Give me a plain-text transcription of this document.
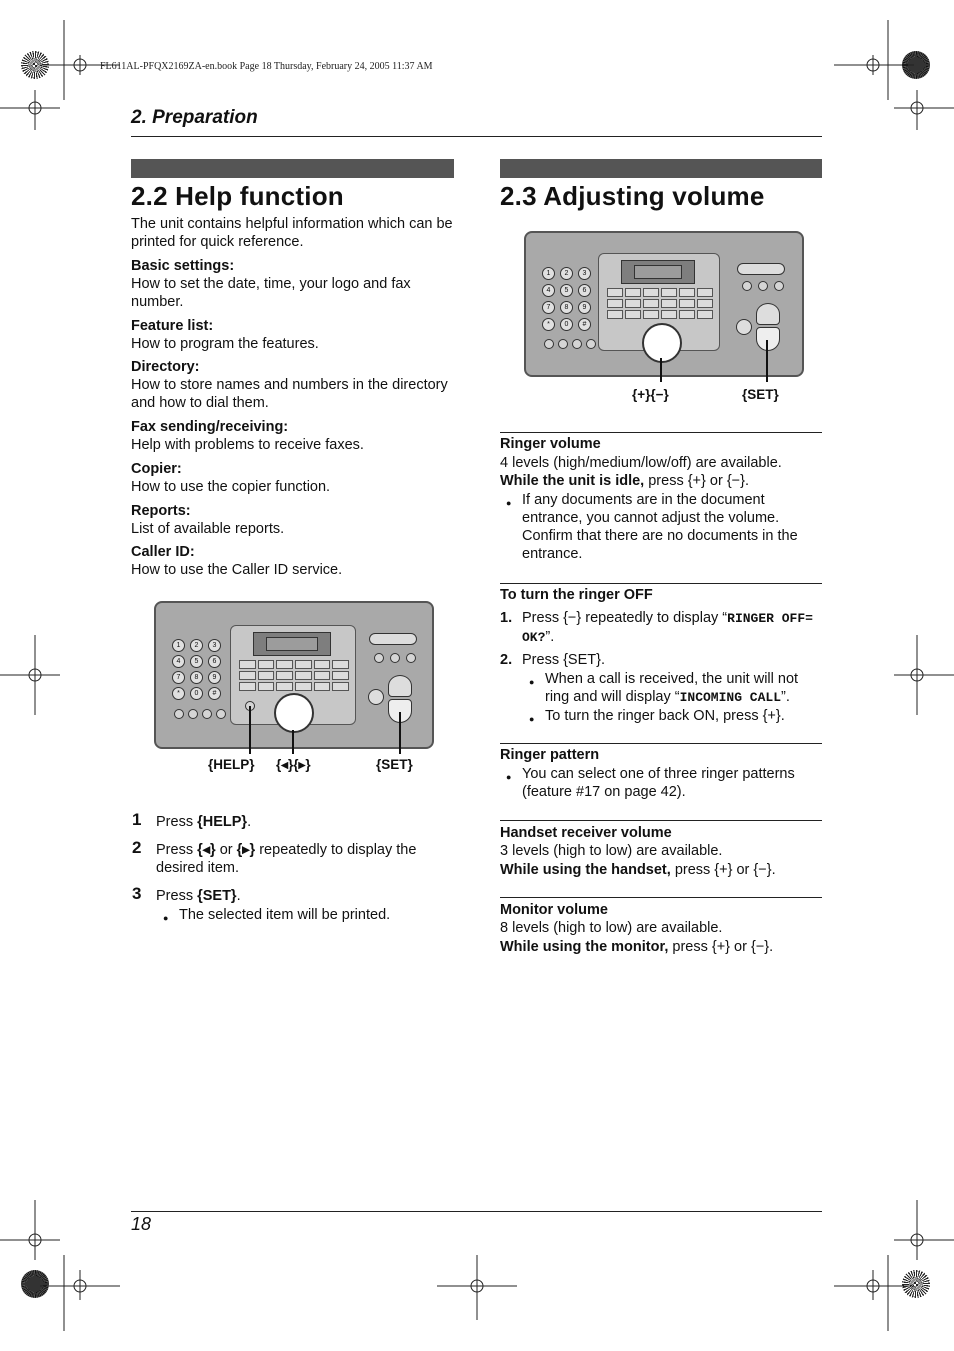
FL611AL-PFQX2169ZA-en.book Page 18 Thursday, February 24, 2005 11:37 AM
2. Preparation
2.2 Help function
The unit contains helpful information which can be printed for quick reference.
Basic settings:
How to set the date, time, your logo and fax number.
Feature list:
How to program the features.
Directory:
How to store names and numbers in the directory and how to dial them.
Fax sending/receiving:
Help with problems to receive faxes.
Copier:
How to use the copier function.
Reports:
List of available reports.
Caller ID:
How to use the Caller ID service.
1	2	3
4	5	6
7	8	9
*	0	#
{HELP} {◂}{▸}	{SET}
1 Press {HELP}.
2 Press {◂} or {▸} repeatedly to display the desired item.
3 Press {SET}.
● The selected item will be printed.
2.3 Adjusting volume
1	2	3
4	5	6
7	8	9
*	0	#
{+}{−}	{SET}
Ringer volume
4 levels (high/medium/low/off) are available.
While the unit is idle, press {+} or {−}.
● If any documents are in the document entrance, you cannot adjust the volume. Confirm that there are no documents in the entrance.
To turn the ringer OFF
1. Press {−} repeatedly to display “RINGER OFF= OK?”.
2. Press {SET}.
● When a call is received, the unit will not ring and will display “INCOMING CALL”.
● To turn the ringer back ON, press {+}.
Ringer pattern
● You can select one of three ringer patterns (feature #17 on page 42).
Handset receiver volume
3 levels (high to low) are available.
While using the handset, press {+} or {−}.
Monitor volume
8 levels (high to low) are available.
While using the monitor, press {+} or {−}.
18
